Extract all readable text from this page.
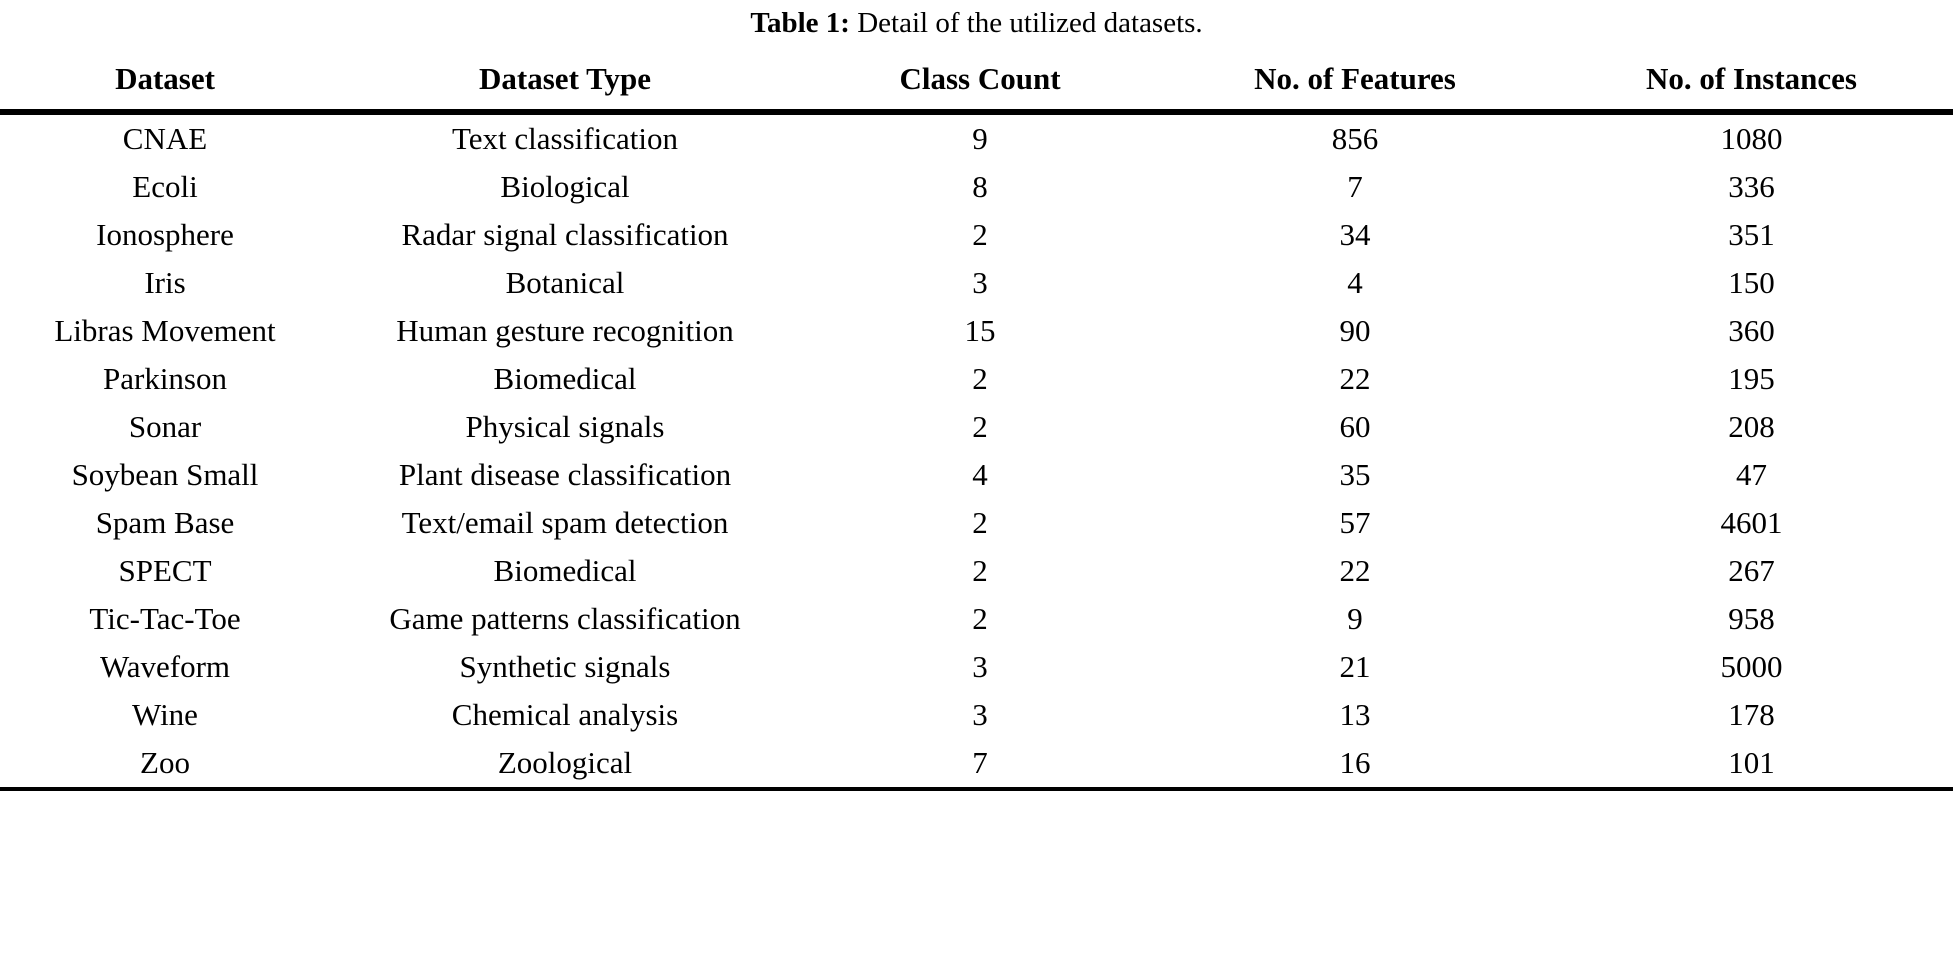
Table 1: Detail of the utilized datasets.

Dataset	Dataset Type	Class Count	No. of Features	No. of Instances

CNAE	Text classification	9	856	1080
Ecoli	Biological	8	7	336
Ionosphere	Radar signal classification	2	34	351
Iris	Botanical	3	4	150
Libras Movement	Human gesture recognition	15	90	360
Parkinson	Biomedical	2	22	195
Sonar	Physical signals	2	60	208
Soybean Small	Plant disease classification	4	35	47
Spam Base	Text/email spam detection	2	57	4601
SPECT	Biomedical	2	22	267
Tic-Tac-Toe	Game patterns classification	2	9	958
Waveform	Synthetic signals	3	21	5000
Wine	Chemical analysis	3	13	178
Zoo	Zoological	7	16	101
